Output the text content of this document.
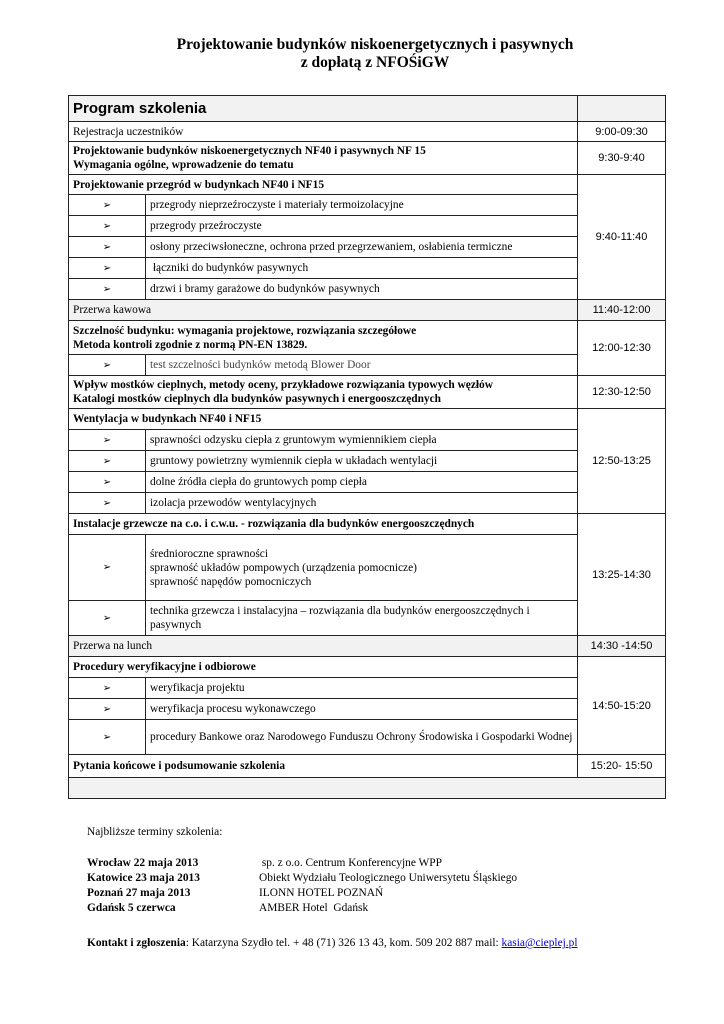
Projektowanie budynków niskoenergetycznych i pasywnych
z dopłatą z NFOŚiGW
Program szkolenia		
Rejestracja uczestników		9:00-09:30

Projektowanie budynków niskoenergetycznych NF40 i pasywnych NF 15
Wymagania ogólne, wprowadzenie do tematu		9:30-9:40
Projektowanie przegród w budynkach NF40 i NF15		9:40-11:40
➢	przegrody nieprzeźroczyste i materiały termoizolacyjne	
➢	przegrody przeźroczyste	
➢	osłony przeciwsłoneczne, ochrona przed przegrzewaniem, osłabienia termiczne	
➢	łączniki do budynków pasywnych	
➢	drzwi i bramy garażowe do budynków pasywnych	
Przerwa kawowa		11:40-12:00

Szczelność budynku: wymagania projektowe, rozwiązania szczegółowe
Metoda kontroli zgodnie z normą PN-EN 13829.		12:00-12:30
➢	test szczelności budynków metodą Blower Door	

Wpływ mostków cieplnych, metody oceny, przykładowe rozwiązania typowych węzłów
Katalogi mostków cieplnych dla budynków pasywnych i energooszczędnych		12:30-12:50
Wentylacja w budynkach NF40 i NF15		12:50-13:25
➢	sprawności odzysku ciepła z gruntowym wymiennikiem ciepła	
➢	gruntowy powietrzny wymiennik ciepła w układach wentylacji	
➢	dolne źródła ciepła do gruntowych pomp ciepła	
➢	izolacja przewodów wentylacyjnych	
Instalacje grzewcze na c.o. i c.w.u. - rozwiązania dla budynków energooszczędnych		13:25-14:30
➢	średnioroczne sprawności
sprawność układów pompowych (urządzenia pomocnicze)
sprawność napędów pomocniczych	

➢	technika grzewcza i instalacyjna – rozwiązania dla budynków energooszczędnych i pasywnych	
Przerwa na lunch		14:30 -14:50
Procedury weryfikacyjne i odbiorowe		14:50-15:20
➢	weryfikacja projektu	
➢	weryfikacja procesu wykonawczego	
➢	procedury Bankowe oraz Narodowego Funduszu Ochrony Środowiska i Gospodarki Wodnej	
Pytania końcowe i podsumowanie szkolenia		15:20- 15:50

Najbliższe terminy szkolenia:
Wrocław 22 maja 2013	sp. z o.o. Centrum Konferencyjne WPP
Katowice 23 maja 2013	Obiekt Wydziału Teologicznego Uniwersytetu Śląskiego
Poznań 27 maja 2013	ILONN HOTEL POZNAŃ
Gdańsk 5 czerwca	AMBER Hotel  Gdańsk
Kontakt i zgłoszenia: Katarzyna Szydło tel. + 48 (71) 326 13 43, kom. 509 202 887 mail: kasia@cieplej.pl
